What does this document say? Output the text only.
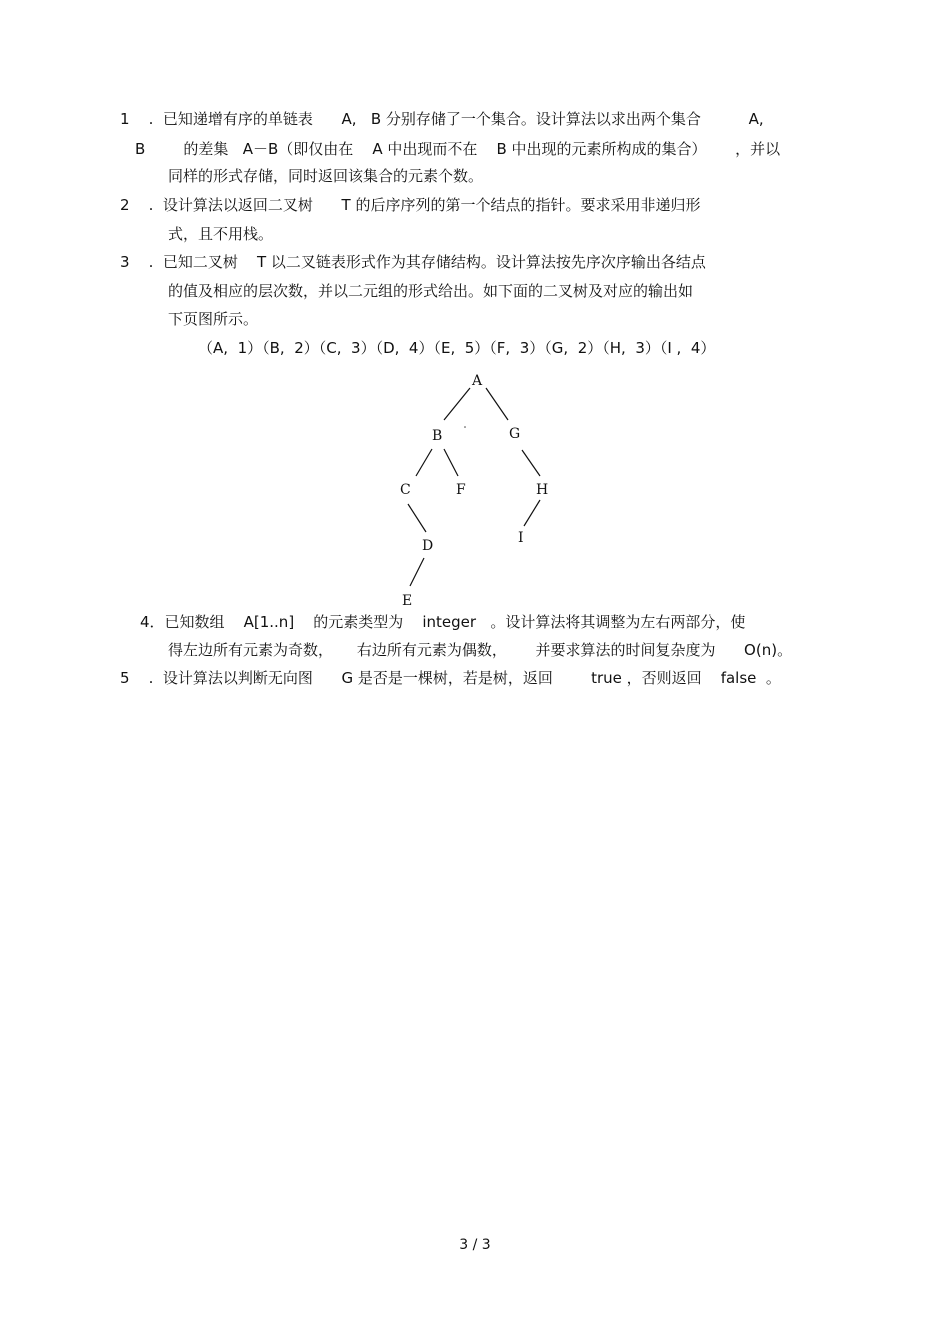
1    .  已知递增有序的单链表      A,   B 分别存储了一个集合。设计算法以求出两个集合          A,
B        的差集   A－B（即仅由在    A 中出现而不在    B 中出现的元素所构成的集合）      ，并以
同样的形式存储，同时返回该集合的元素个数。
2    .  设计算法以返回二叉树      T 的后序序列的第一个结点的指针。要求采用非递归形
式，且不用栈。
3    .  已知二叉树    T 以二叉链表形式作为其存储结构。设计算法按先序次序输出各结点
的值及相应的层次数，并以二元组的形式给出。如下面的二叉树及对应的输出如
下页图所示。
（A,  1）（B,  2）（C,  3）（D,  4）（E,  5）（F,  3）（G,  2）（H,  3）（I ,  4）
A
B	G
C	F	H
D	I
E
4．已知数组    A[1..n]    的元素类型为    integer   。设计算法将其调整为左右两部分，使
得左边所有元素为奇数，     右边所有元素为偶数，      并要求算法的时间复杂度为      O(n)。
5    .  设计算法以判断无向图      G 是否是一棵树，若是树，返回        true ，否则返回    false  。
3 / 3
